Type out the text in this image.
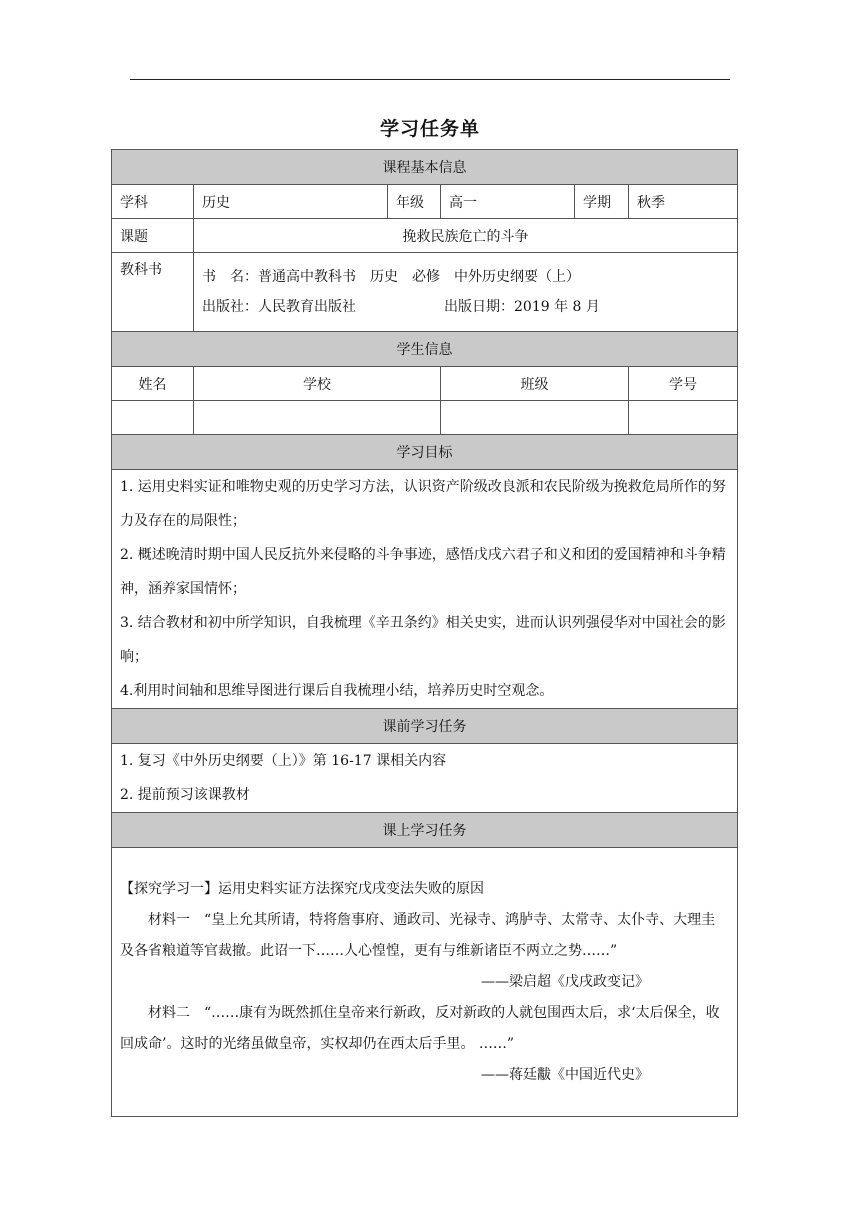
学习任务单
课程基本信息					
学科	历史	年级	高一	学期	秋季
课题	挽救民族危亡的斗争				
教科书	书　名：普通高中教科书　历史　必修　中外历史纲要（上）
出版社：人民教育出版社 出版日期：2019 年 8 月				

学生信息					
姓名	学校		班级		学号

学习目标					

1. 运用史料实证和唯物史观的历史学习方法，认识资产阶级改良派和农民阶级为挽救危局所作的努力及存在的局限性；

2. 概述晚清时期中国人民反抗外来侵略的斗争事迹，感悟戊戌六君子和义和团的爱国精神和斗争精神，涵养家国情怀；

3. 结合教材和初中所学知识，自我梳理《辛丑条约》相关史实，进而认识列强侵华对中国社会的影响；

4.利用时间轴和思维导图进行课后自我梳理小结，培养历史时空观念。					

课前学习任务					

1. 复习《中外历史纲要（上）》第 16-17 课相关内容

2. 提前预习该课教材					

课上学习任务					

【探究学习一】运用史料实证方法探究戊戌变法失败的原因

材料一　“皇上允其所请，特将詹事府、通政司、光禄寺、鸿胪寺、太常寺、太仆寺、大理圭及各省粮道等官裁撤。此诏一下……人心惶惶，更有与维新诸臣不两立之势……”

——梁启超《戊戌政变记》

材料二　“……康有为既然抓住皇帝来行新政，反对新政的人就包围西太后，求‘太后保全，收回成命’。这时的光绪虽做皇帝，实权却仍在西太后手里。 ……”

——蒋廷黻《中国近代史》					
